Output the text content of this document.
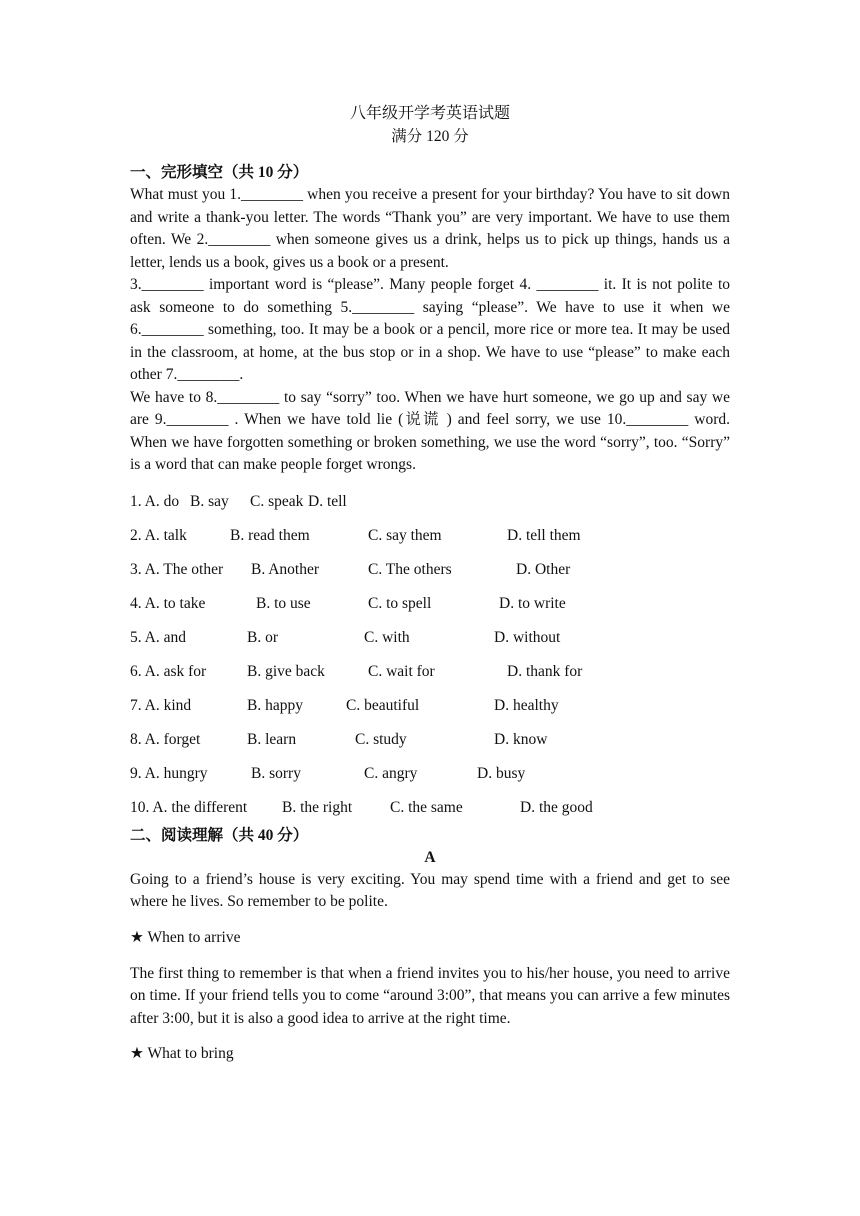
八年级开学考英语试题
满分 120 分
一、完形填空（共 10 分）

What must you 1.________ when you receive a present for your birthday? You have to sit down and write a thank-you letter. The words “Thank you” are very important. We have to use them often. We 2.________ when someone gives us a drink, helps us to pick up things, hands us a letter, lends us a book, gives us a book or a present.

3.________ important word is “please”. Many people forget 4. ________ it. It is not polite to ask someone to do something 5.________ saying “please”. We have to use it when we 6.________ something, too. It may be a book or a pencil, more rice or more tea. It may be used in the classroom, at home, at the bus stop or in a shop. We have to use “please” to make each other 7.________.

We have to 8.________ to say “sorry” too. When we have hurt someone, we go up and say we are 9.________ . When we have told lie (说谎 ) and feel sorry, we use 10.________ word. When we have forgotten something or broken something, we use the word “sorry”, too. “Sorry” is a word that can make people forget wrongs.

1. A. do B. say C. speak D. tell
2. A. talk	B. read them	C. say them	D. tell them
3. A. The other B. Another	C. The others	D. Other
4. A. to take	B. to use	C. to spell	D. to write
5. A. and	B. or	C. with	D. without
6. A. ask for	B. give back	C. wait for	D. thank for
7. A. kind	B. happy	C. beautiful	D. healthy
8. A. forget	B. learn	C. study	D. know
9. A. hungry	B. sorry	C. angry	D. busy
10. A. the different B. the right C. the same	D. the good
二、阅读理解（共 40 分）
A

Going to a friend’s house is very exciting. You may spend time with a friend and get to see where he lives. So remember to be polite.

★ When to arrive

The first thing to remember is that when a friend invites you to his/her house, you need to arrive on time. If your friend tells you to come “around 3:00”, that means you can arrive a few minutes after 3:00, but it is also a good idea to arrive at the right time.

★ What to bring
